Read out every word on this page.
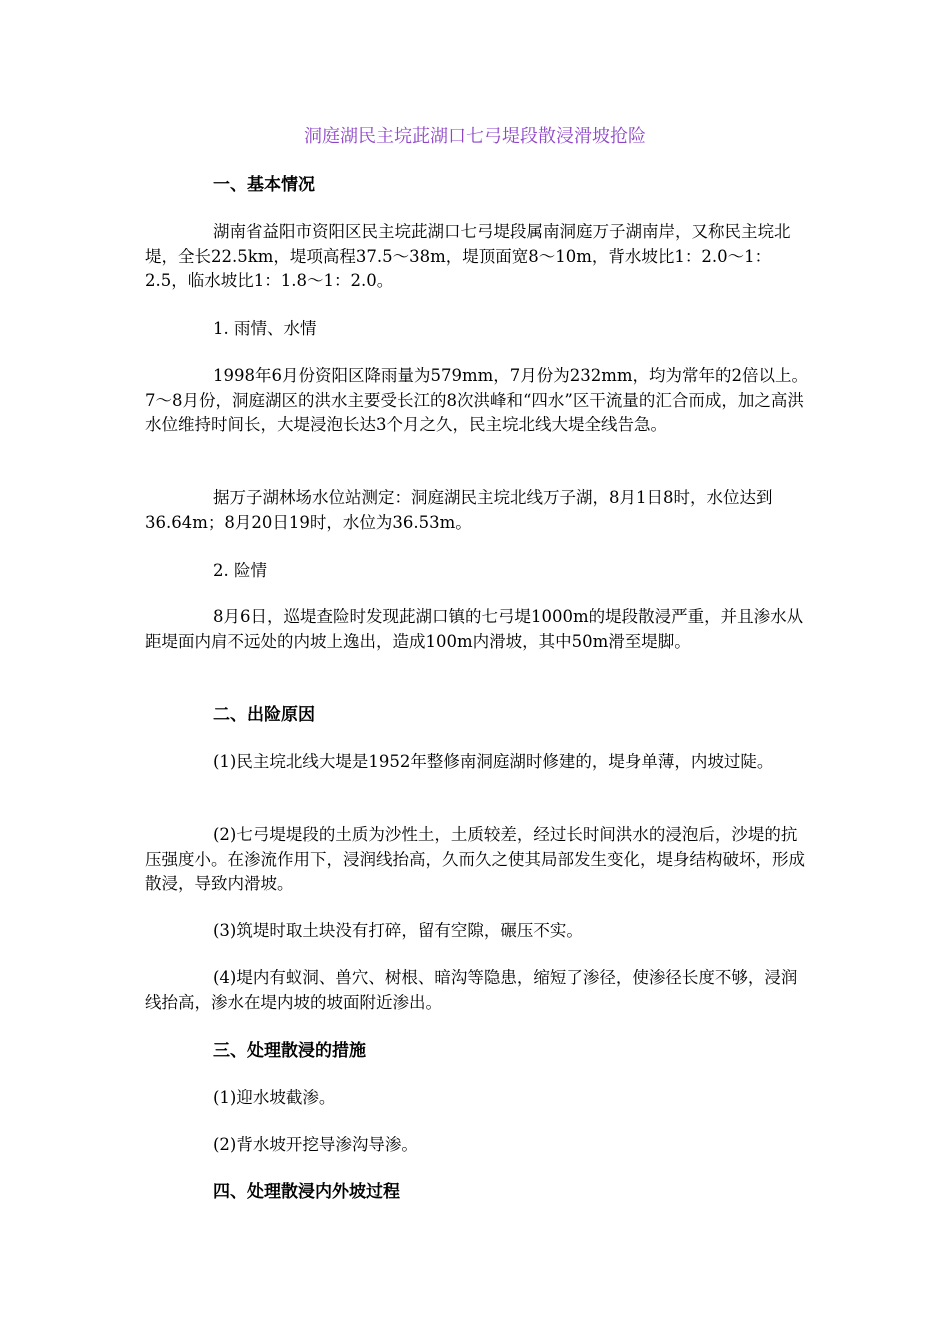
洞庭湖民主垸茈湖口七弓堤段散浸滑坡抢险
一、基本情况
湖南省益阳市资阳区民主垸茈湖口七弓堤段属南洞庭万子湖南岸，又称民主垸北堤，全长22.5km，堤项高程37.5～38m，堤顶面宽8～10m，背水坡比1：2.0～1：2.5，临水坡比1：1.8～1：2.0。
1. 雨情、水情
1998年6月份资阳区降雨量为579mm，7月份为232mm，均为常年的2倍以上。7～8月份，洞庭湖区的洪水主要受长江的8次洪峰和“四水”区干流量的汇合而成，加之高洪水位维持时间长，大堤浸泡长达3个月之久，民主垸北线大堤全线告急。
据万子湖林场水位站测定：洞庭湖民主垸北线万子湖，8月1日8时，水位达到36.64m；8月20日19时，水位为36.53m。
2. 险情
8月6日，巡堤查险时发现茈湖口镇的七弓堤1000m的堤段散浸严重，并且渗水从距堤面内肩不远处的内坡上逸出，造成100m内滑坡，其中50m滑至堤脚。
二、出险原因
(1)民主垸北线大堤是1952年整修南洞庭湖时修建的，堤身单薄，内坡过陡。
(2)七弓堤堤段的土质为沙性土，土质较差，经过长时间洪水的浸泡后，沙堤的抗压强度小。在渗流作用下，浸润线抬高，久而久之使其局部发生变化，堤身结构破坏，形成散浸，导致内滑坡。
(3)筑堤时取土块没有打碎，留有空隙，碾压不实。
(4)堤内有蚁洞、兽穴、树根、暗沟等隐患，缩短了渗径，使渗径长度不够，浸润线抬高，渗水在堤内坡的坡面附近渗出。
三、处理散浸的措施
(1)迎水坡截渗。
(2)背水坡开挖导渗沟导渗。
四、处理散浸内外坡过程
